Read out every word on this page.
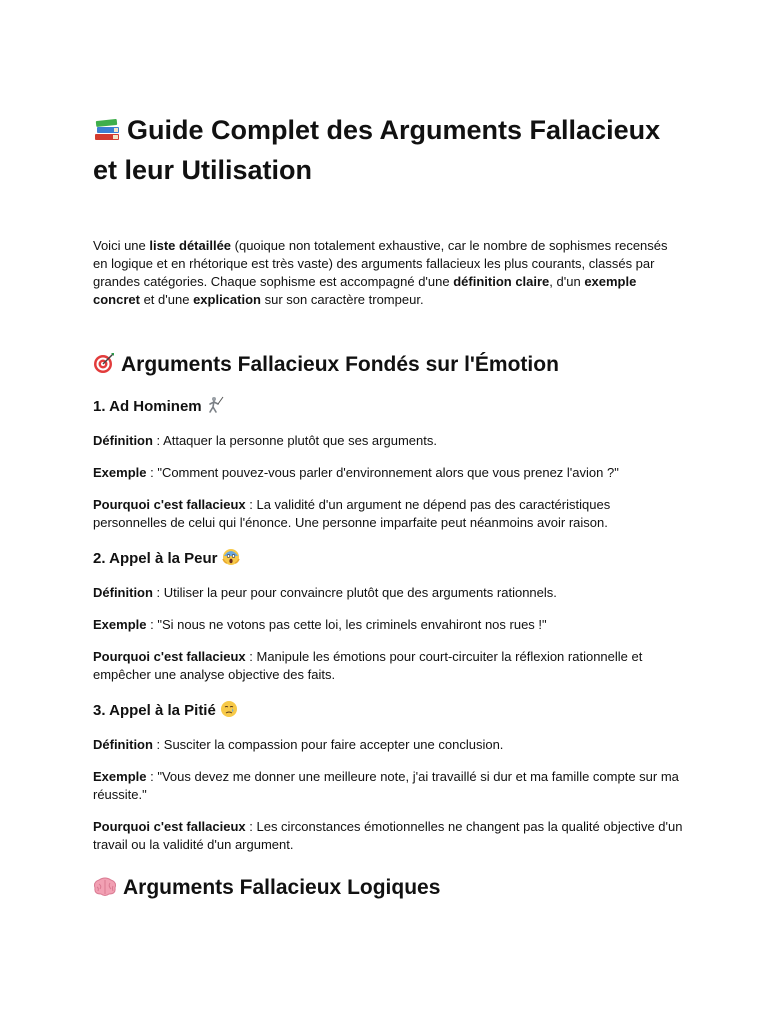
Guide Complet des Arguments Fallacieux et leur Utilisation

Voici une liste détaillée (quoique non totalement exhaustive, car le nombre de sophismes recensés en logique et en rhétorique est très vaste) des arguments fallacieux les plus courants, classés par grandes catégories. Chaque sophisme est accompagné d'une définition claire, d'un exemple concret et d'une explication sur son caractère trompeur.

Arguments Fallacieux Fondés sur l'Émotion
1. Ad Hominem

Définition : Attaquer la personne plutôt que ses arguments.

Exemple : "Comment pouvez-vous parler d'environnement alors que vous prenez l'avion ?"

Pourquoi c'est fallacieux : La validité d'un argument ne dépend pas des caractéristiques personnelles de celui qui l'énonce. Une personne imparfaite peut néanmoins avoir raison.

2. Appel à la Peur

Définition : Utiliser la peur pour convaincre plutôt que des arguments rationnels.

Exemple : "Si nous ne votons pas cette loi, les criminels envahiront nos rues !"

Pourquoi c'est fallacieux : Manipule les émotions pour court-circuiter la réflexion rationnelle et empêcher une analyse objective des faits.

3. Appel à la Pitié

Définition : Susciter la compassion pour faire accepter une conclusion.

Exemple : "Vous devez me donner une meilleure note, j'ai travaillé si dur et ma famille compte sur ma réussite."

Pourquoi c'est fallacieux : Les circonstances émotionnelles ne changent pas la qualité objective d'un travail ou la validité d'un argument.

Arguments Fallacieux Logiques
